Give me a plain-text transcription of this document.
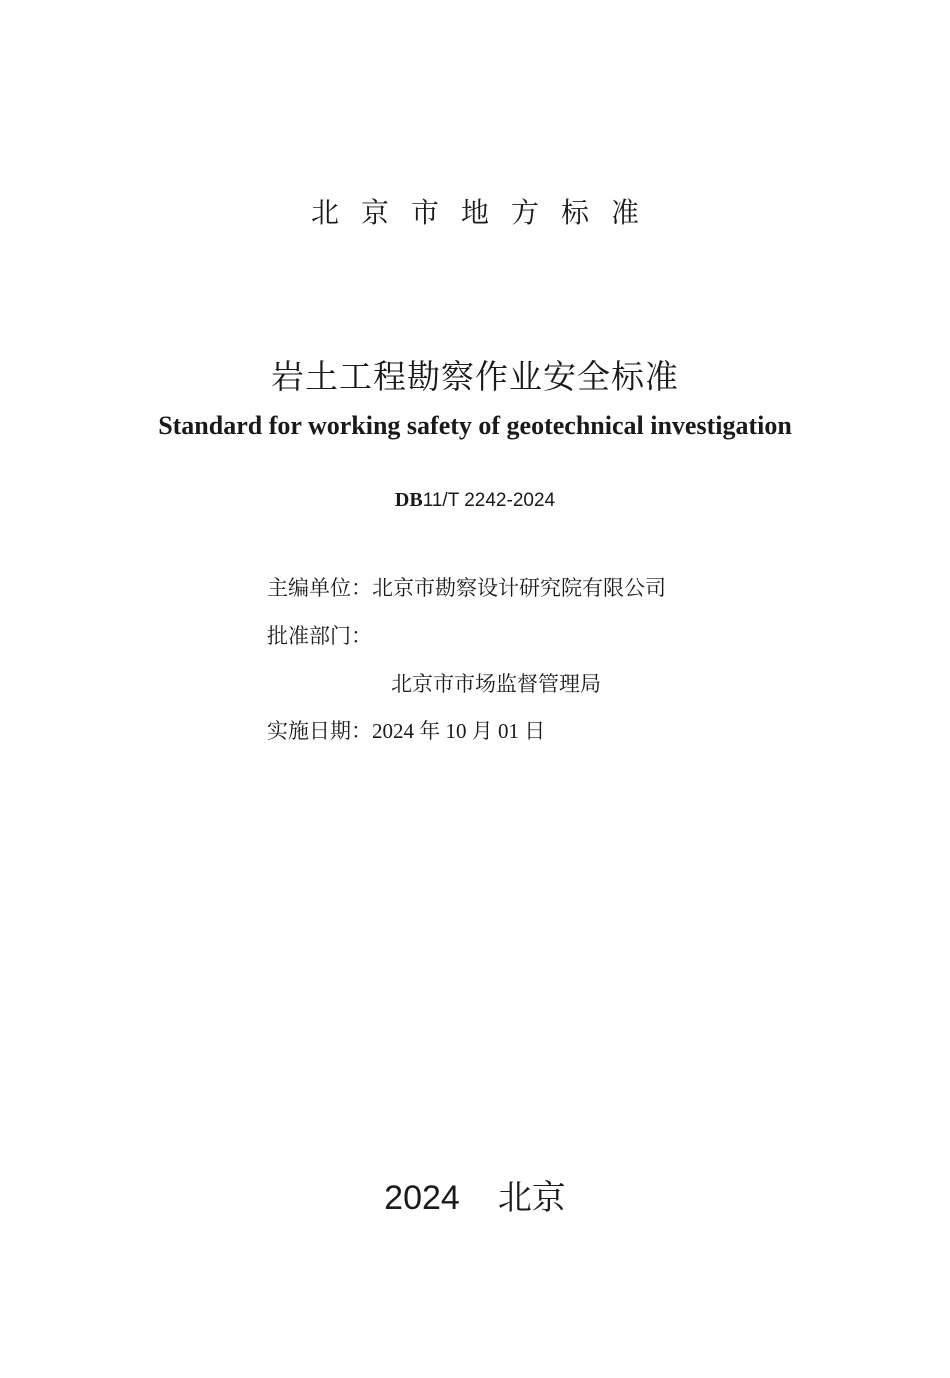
北京市地方标准
岩土工程勘察作业安全标准
Standard for working safety of geotechnical investigation
DB11/T 2242-2024
主编单位：北京市勘察设计研究院有限公司
批准部门：
北京市市场监督管理局
实施日期：2024 年 10 月 01 日
2024 北京
